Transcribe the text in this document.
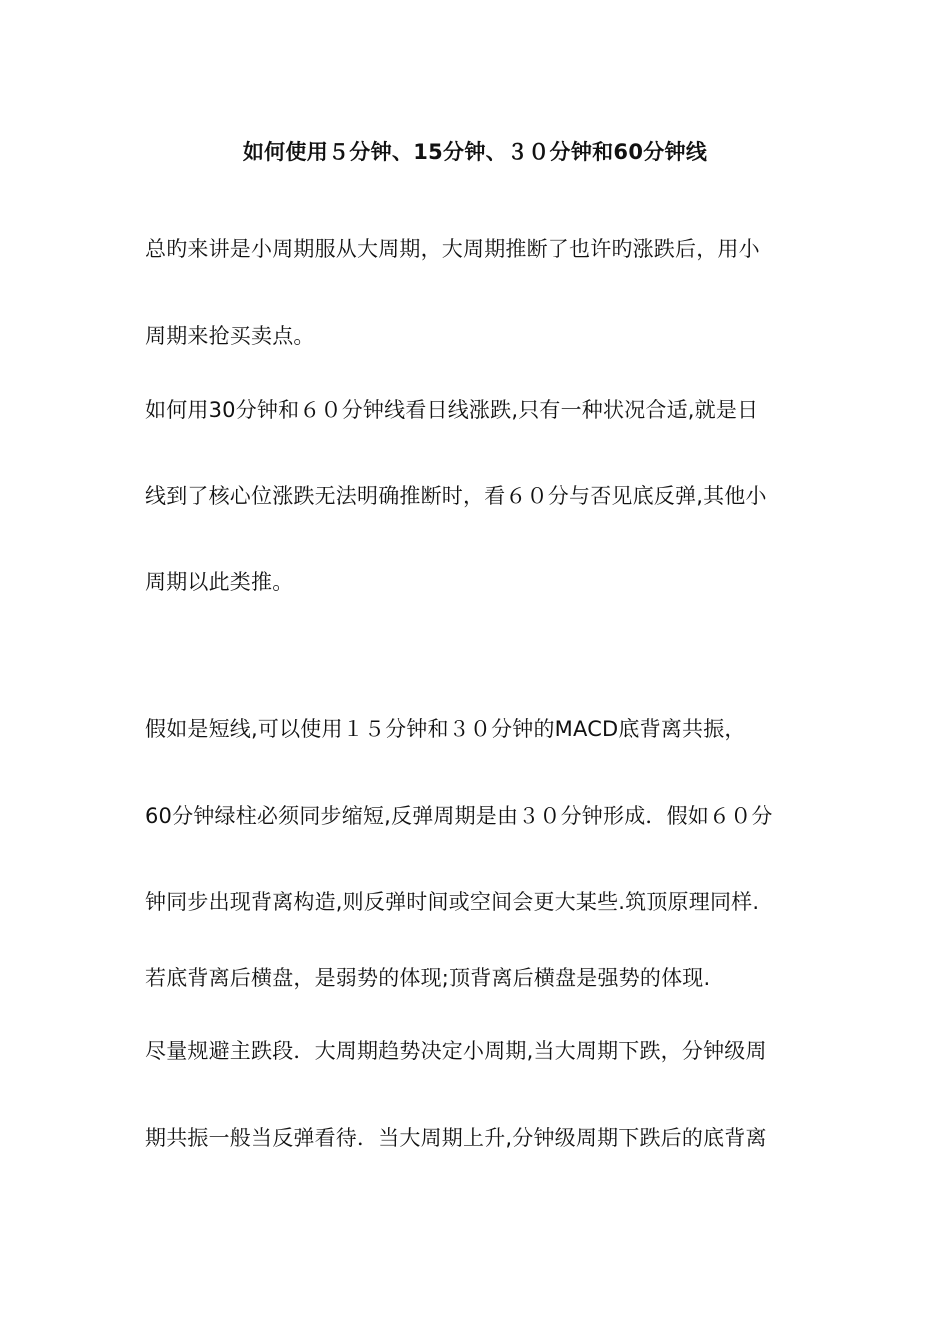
如何使用５分钟、15分钟、３０分钟和60分钟线
总旳来讲是小周期服从大周期，大周期推断了也许旳涨跌后，用小
周期来抢买卖点。
如何用30分钟和６０分钟线看日线涨跌,只有一种状况合适,就是日
线到了核心位涨跌无法明确推断时，看６０分与否见底反弹,其他小
周期以此类推。
假如是短线,可以使用１５分钟和３０分钟的MACD底背离共振，
60分钟绿柱必须同步缩短,反弹周期是由３０分钟形成．假如６０分
钟同步出现背离构造,则反弹时间或空间会更大某些.筑顶原理同样.
若底背离后横盘，是弱势的体现;顶背离后横盘是强势的体现.
尽量规避主跌段．大周期趋势决定小周期,当大周期下跌，分钟级周
期共振一般当反弹看待．当大周期上升,分钟级周期下跌后的底背离
